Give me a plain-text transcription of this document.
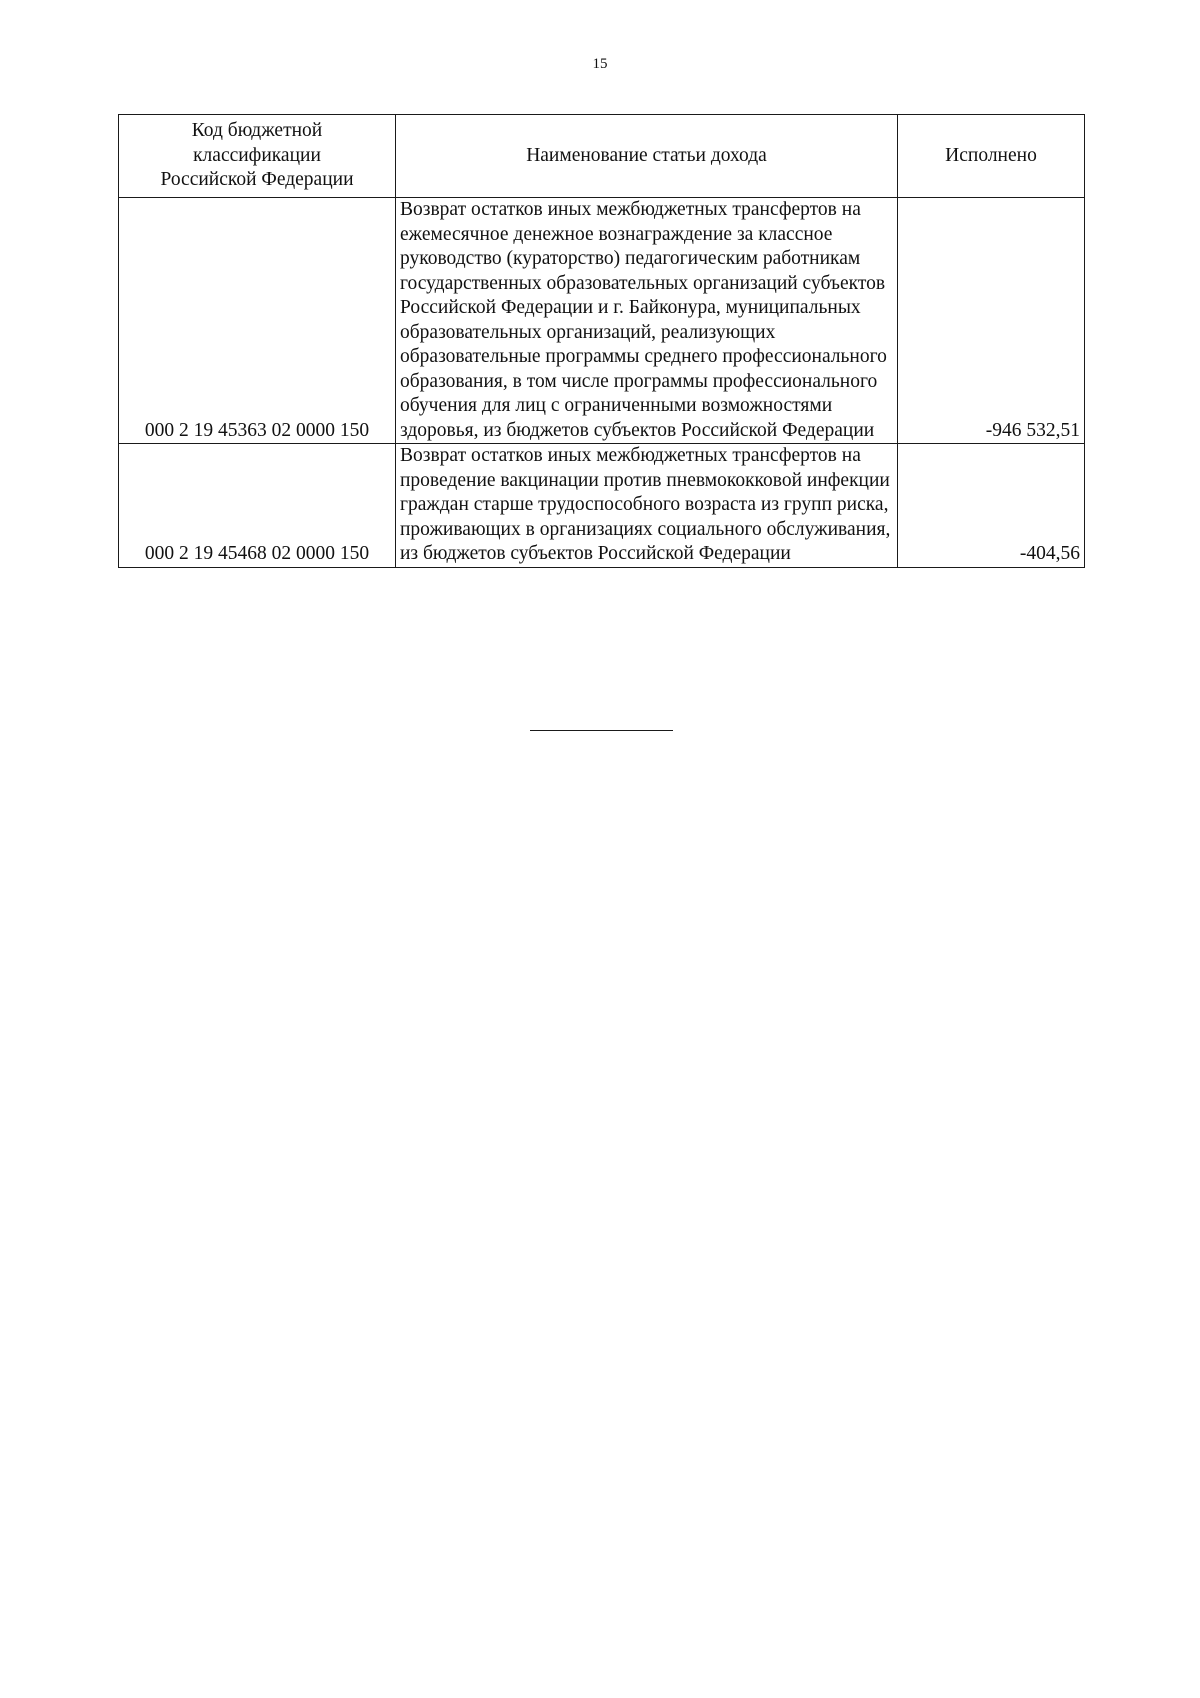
15
Код бюджетной классификации Российской Федерации	Наименование статьи дохода	Исполнено
000 2 19 45363 02 0000 150	Возврат остатков иных межбюджетных трансфертов на ежемесячное денежное вознаграждение за классное руководство (кураторство) педагогическим работникам государственных образовательных организаций субъектов Российской Федерации и г. Байконура, муниципальных образовательных организаций, реализующих образовательные программы среднего профессионального образования, в том числе программы профессионального обучения для лиц с ограниченными возможностями здоровья, из бюджетов субъектов Российской Федерации	-946 532,51
000 2 19 45468 02 0000 150	Возврат остатков иных межбюджетных трансфертов на проведение вакцинации против пневмококковой инфекции граждан старше трудоспособного возраста из групп риска, проживающих в организациях социального обслуживания, из бюджетов субъектов Российской Федерации	-404,56
